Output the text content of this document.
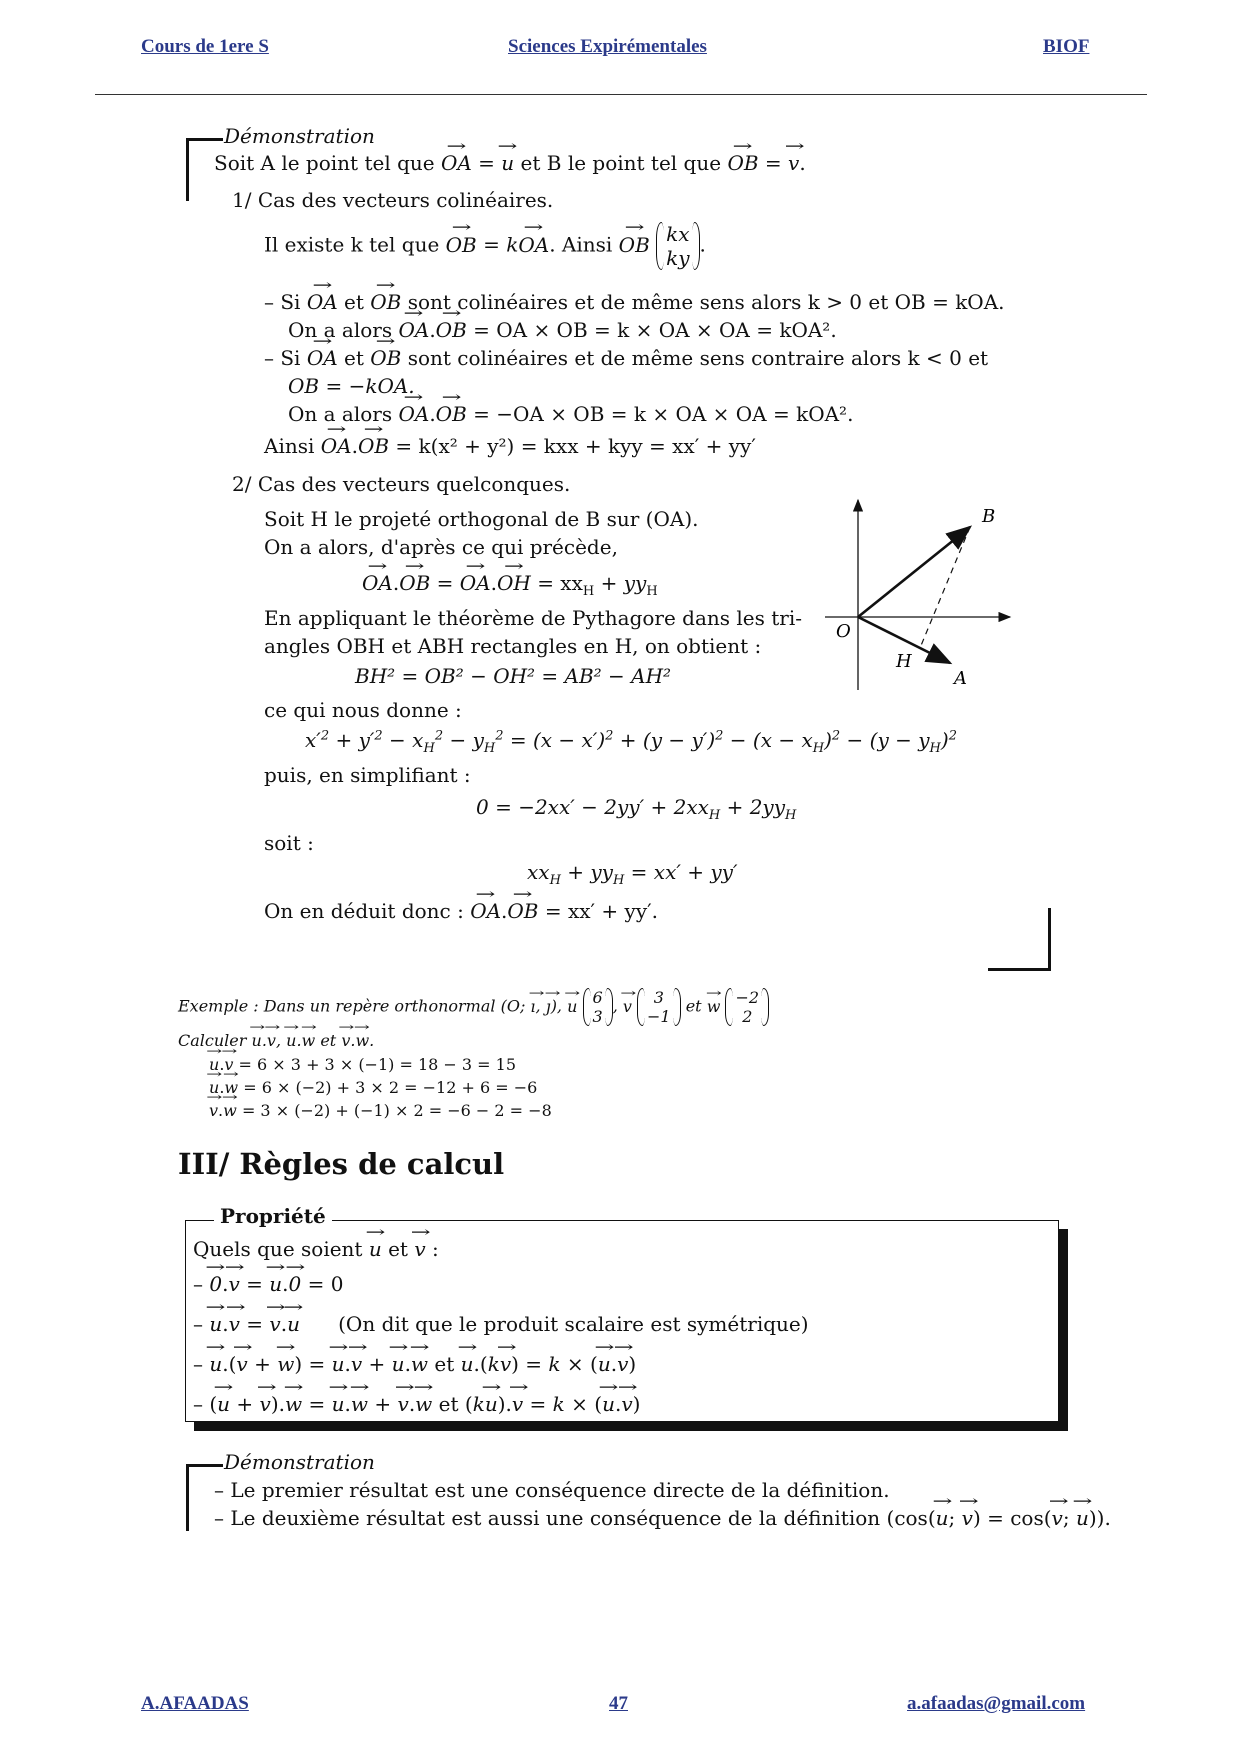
Cours de 1ere S	Sciences Expirémentales	BIOF
Démonstration
Soit A le point tel que → OA = → u et B le point tel que → OB = → v.
1/ Cas des vecteurs colinéaires.
Il existe k tel que → OB = k→ OA. Ainsi → OB kx
ky
.
– Si → OA et → OB sont colinéaires et de même sens alors k > 0 et OB = kOA.
On a alors → OA.→ OB = OA × OB = k × OA × OA = kOA².
– Si → OA et → OB sont colinéaires et de même sens contraire alors k < 0 et
OB = −kOA.
On a alors → OA.→ OB = −OA × OB = k × OA × OA = kOA².
Ainsi → OA.→ OB = k(x² + y²) = kxx + kyy = xx′ + yy′
2/ Cas des vecteurs quelconques.
Soit H le projeté orthogonal de B sur (OA).
On a alors, d'après ce qui précède,
→ OA.→ OB = → OA.→ OH = $xx_H + yy_H$
En appliquant le théorème de Pythagore dans les tri-
angles OBH et ABH rectangles en H, on obtient :
BH² = OB² − OH² = AB² − AH²
ce qui nous donne :
$x'^2 + y'^2 - x_H^2 - y_H^2 = (x - x')^2 + (y - y')^2 - (x - x_H)^2 - (y - y_H)^2$
puis, en simplifiant :
$0 = -2xx' - 2yy' + 2xx_H + 2yy_H$
soit :
$xx_H + yy_H = xx' + yy'$
On en déduit donc : → OA.→ OB = xx′ + yy′.
B
O
H
A
Exemple : Dans un repère orthonormal (O; → ı, → ȷ), → u 6
3
, → v	3
−1
et → w −2
2
Calculer → u.→ v, → u.→ w et → v.→ w.
→ u.→ v = 6 × 3 + 3 × (−1) = 18 − 3 = 15
→ u.→ w = 6 × (−2) + 3 × 2 = −12 + 6 = −6
→ v.→ w = 3 × (−2) + (−1) × 2 = −6 − 2 = −8
III/ Règles de calcul
Propriété
Quels que soient → u et → v :
– → 0.→ v = → u.→ 0 = 0
– → u.→ v = → v.→ u (On dit que le produit scalaire est symétrique)
– → u.(→ v + → w) = → u.→ v + → u.→ w et → u.(k→ v) = k × (→ u.→ v)
– (→ u + → v).→ w = → u.→ w + → v.→ w et (k→ u).→ v = k × (→ u.→ v)
Démonstration
– Le premier résultat est une conséquence directe de la définition.
– Le deuxième résultat est aussi une conséquence de la définition (cos(→ u; → v) = cos(→ v; → u)).
A.AFAADAS	47	a.afaadas@gmail.com
